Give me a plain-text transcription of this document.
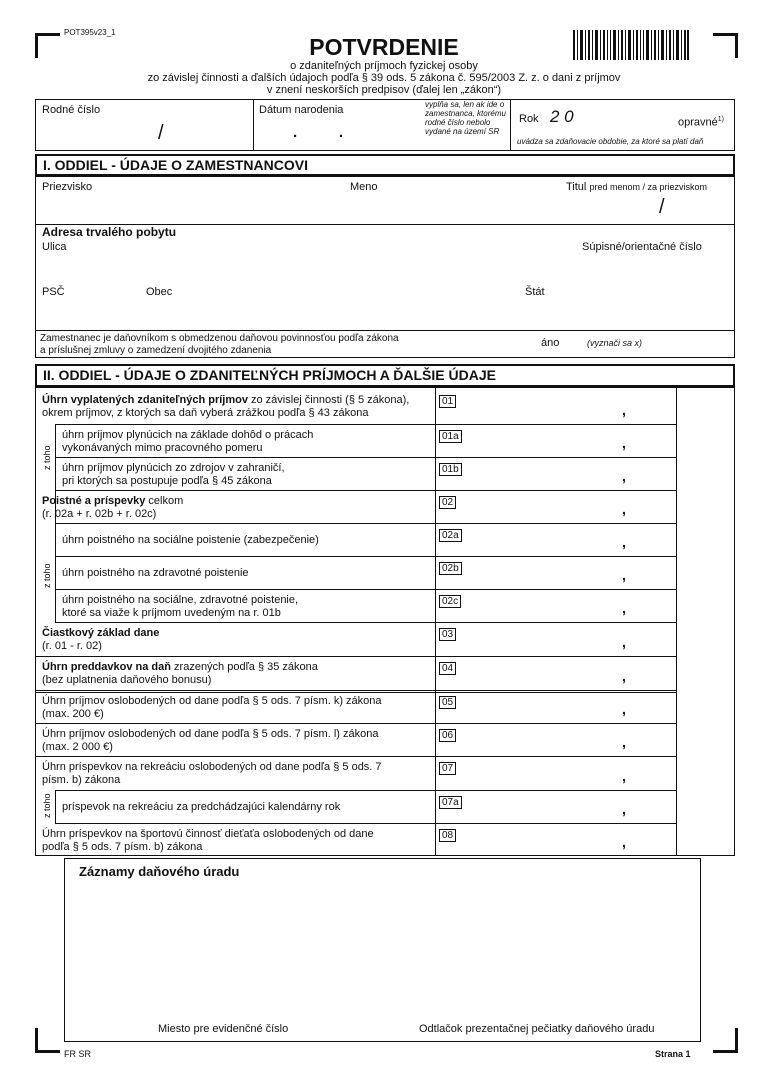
POT395v23_1
POTVRDENIE
o zdaniteľných príjmoch fyzickej osoby
zo závislej činnosti a ďalších údajoch podľa § 39 ods. 5 zákona č. 595/2003 Z. z. o dani z príjmov
v znení neskorších predpisov (ďalej len „zákon“)
Rodné číslo
/
Dátum narodenia
.          .
vyplňa sa, len ak ide o zamestnanca, ktorému rodné číslo nebolo vydané na území SR
Rok 2 0	opravné$^{1)}$
uvádza sa zdaňovacie obdobie, za ktoré sa platí daň
I. ODDIEL - ÚDAJE O ZAMESTNANCOVI
Priezvisko	Meno	Titul pred menom / za priezviskom
/
Adresa trvalého pobytu
Ulica	Súpisné/orientačné číslo
PSČ	Obec	Štát
Zamestnanec je daňovníkom s obmedzenou daňovou povinnosťou podľa zákona
a príslušnej zmluvy o zamedzení dvojitého zdanenia
áno	(vyznači sa x)
II. ODDIEL - ÚDAJE O ZDANITEĽNÝCH PRÍJMOCH A ĎALŠIE ÚDAJE
Úhrn vyplatených zdaniteľných príjmov zo závislej činnosti (§ 5 zákona),
okrem príjmov, z ktorých sa daň vyberá zrážkou podľa § 43 zákona
01
,
úhrn príjmov plynúcich na základe dohôd o prácach
vykonávaných mimo pracovného pomeru
01a	,
úhrn príjmov plynúcich zo zdrojov v zahraničí,
pri ktorých sa postupuje podľa § 45 zákona
01b	,
Poistné a príspevky celkom
(r. 02a + r. 02b + r. 02c)
02	,
úhrn poistného na sociálne poistenie (zabezpečenie)	02a	,
úhrn poistného na zdravotné poistenie	02b	,
úhrn poistného na sociálne, zdravotné poistenie,
ktoré sa viaže k príjmom uvedeným na r. 01b
02c	,
Čiastkový základ dane
(r. 01 - r. 02)
03	,
Úhrn preddavkov na daň zrazených podľa § 35 zákona
(bez uplatnenia daňového bonusu)
04	,
Úhrn príjmov oslobodených od dane podľa § 5 ods. 7 písm. k) zákona
(max. 200 €)
05	,
Úhrn príjmov oslobodených od dane podľa § 5 ods. 7 písm. l) zákona
(max. 2 000 €)
06	,
Úhrn príspevkov na rekreáciu oslobodených od dane podľa § 5 ods. 7
písm. b) zákona
07	,
príspevok na rekreáciu za predchádzajúci kalendárny rok	07a	,
Úhrn príspevkov na športovú činnosť dieťaťa oslobodených od dane
podľa § 5 ods. 7 písm. b) zákona
08	,
z toho
z toho
z toho
Záznamy daňového úradu
Miesto pre evidenčné číslo	Odtlačok prezentačnej pečiatky daňového úradu
FR SR	Strana 1
